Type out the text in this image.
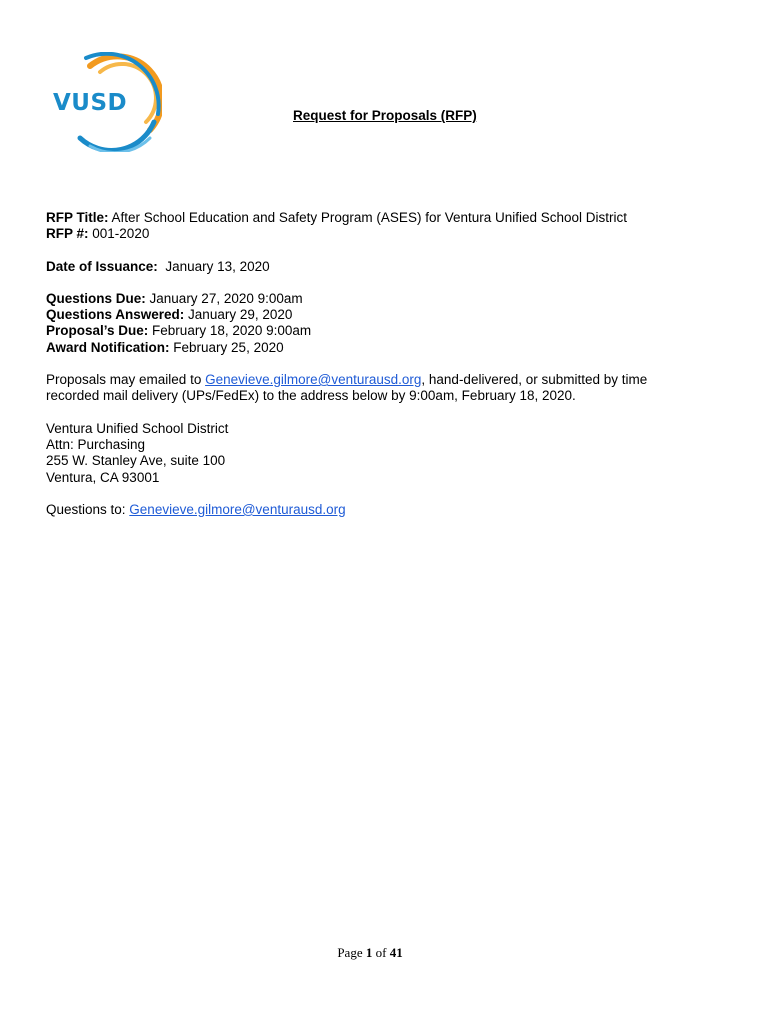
VUSD	Request for Proposals (RFP)
RFP Title: After School Education and Safety Program (ASES) for Ventura Unified School District
RFP #: 001-2020
Date of Issuance: January 13, 2020
Questions Due: January 27, 2020 9:00am
Questions Answered: January 29, 2020
Proposal’s Due: February 18, 2020 9:00am
Award Notification: February 25, 2020
Proposals may emailed to Genevieve.gilmore@venturausd.org, hand-delivered, or submitted by time
recorded mail delivery (UPs/FedEx) to the address below by 9:00am, February 18, 2020.
Ventura Unified School District
Attn: Purchasing
255 W. Stanley Ave, suite 100
Ventura, CA 93001
Questions to: Genevieve.gilmore@venturausd.org
Page 1 of 41
